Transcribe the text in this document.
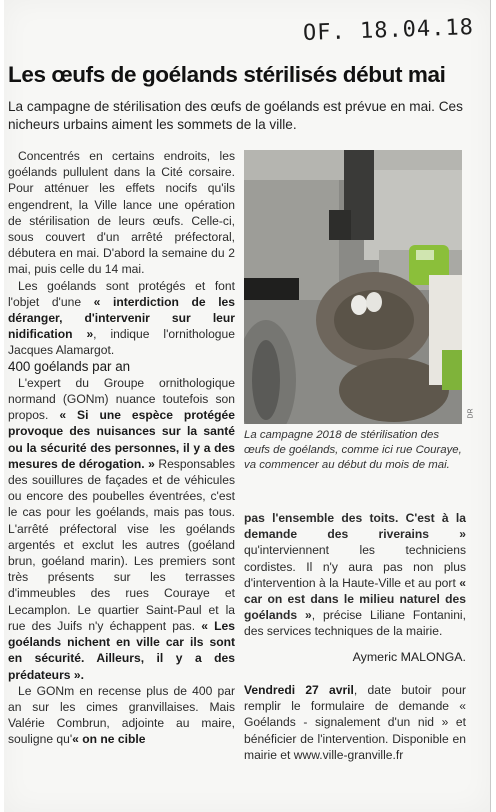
OF. 18.04.18
Les œufs de goélands stérilisés début mai
La campagne de stérilisation des œufs de goélands est prévue en mai. Ces nicheurs urbains aiment les sommets de la ville.

Concentrés en certains endroits, les goélands pullulent dans la Cité corsaire. Pour atténuer les effets nocifs qu'ils engendrent, la Ville lance une opération de stérilisation de leurs œufs. Celle-ci, sous couvert d'un arrêté préfectoral, débutera en mai. D'abord la semaine du 2 mai, puis celle du 14 mai.

Les goélands sont protégés et font l'objet d'une « interdiction de les déranger, d'intervenir sur leur nidification », indique l'ornithologue Jacques Alamargot.

400 goélands par an

L'expert du Groupe ornithologique normand (GONm) nuance toutefois son propos. « Si une espèce protégée provoque des nuisances sur la santé ou la sécurité des personnes, il y a des mesures de dérogation. » Responsables des souillures de façades et de véhicules ou encore des poubelles éventrées, c'est le cas pour les goélands, mais pas tous. L'arrêté préfectoral vise les goélands argentés et exclut les autres (goéland brun, goéland marin). Les premiers sont très présents sur les terrasses d'immeubles des rues Couraye et Lecamplon. Le quartier Saint-Paul et la rue des Juifs n'y échappent pas. « Les goélands nichent en ville car ils sont en sécurité. Ailleurs, il y a des prédateurs ».

Le GONm en recense plus de 400 par an sur les cimes granvillaises. Mais Valérie Combrun, adjointe au maire, souligne qu'« on ne cible

DR
La campagne 2018 de stérilisation des œufs de goélands, comme ici rue Couraye, va commencer au début du mois de mai.

pas l'ensemble des toits. C'est à la demande des riverains » qu'interviennent les techniciens cordistes. Il n'y aura pas non plus d'intervention à la Haute-Ville et au port « car on est dans le milieu naturel des goélands », précise Liliane Fontanini, des services techniques de la mairie.

Aymeric MALONGA.
Vendredi 27 avril, date butoir pour remplir le formulaire de demande « Goélands - signalement d'un nid » et bénéficier de l'intervention. Disponible en mairie et www.ville-granville.fr
